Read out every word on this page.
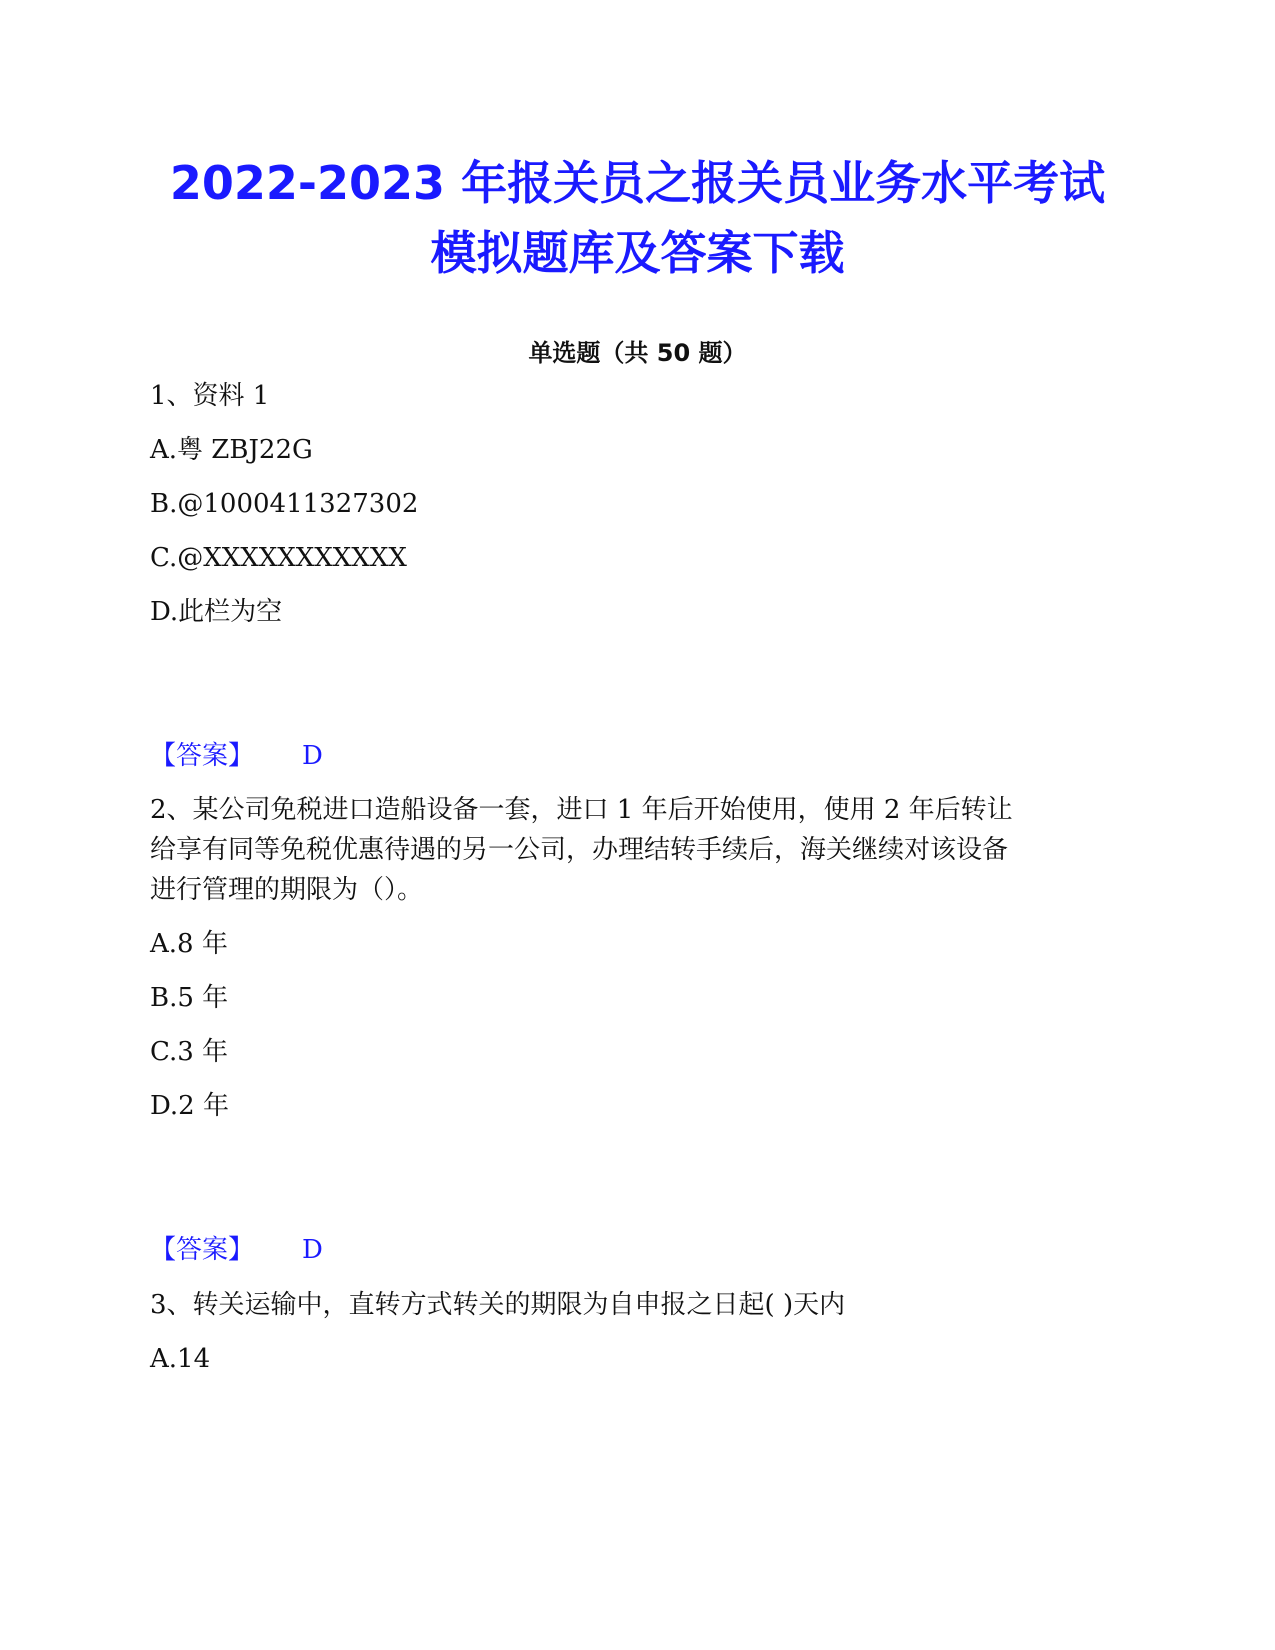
2022-2023 年报关员之报关员业务水平考试
模拟题库及答案下载
单选题（共 50 题）
1、资料 1
A.粤 ZBJ22G
B.@1000411327302
C.@XXXXXXXXXXX
D.此栏为空
【答案】 D
2、某公司免税进口造船设备一套，进口 1 年后开始使用，使用 2 年后转让
给享有同等免税优惠待遇的另一公司，办理结转手续后，海关继续对该设备
进行管理的期限为（）。
A.8 年
B.5 年
C.3 年
D.2 年
【答案】 D
3、转关运输中，直转方式转关的期限为自申报之日起( )天内
A.14
